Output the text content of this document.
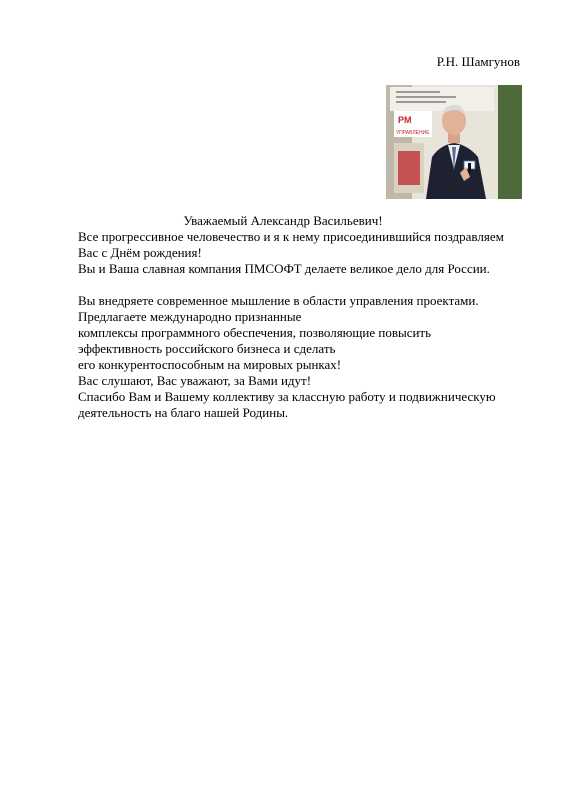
Р.Н. Шамгунов
PM
УПРАВЛЕНИЕ
Уважаемый Александр Васильевич!
Все прогрессивное человечество и я к нему присоединившийся поздравляем
Вас с Днём рождения!
Вы и Ваша славная компания ПМСОФТ делаете великое дело для России.
Вы внедряете современное мышление в области управления проектами.
Предлагаете международно признанные
комплексы программного обеспечения, позволяющие повысить
эффективность российского бизнеса и сделать
его конкурентоспособным на мировых рынках!
Вас слушают, Вас уважают, за Вами идут!
Спасибо Вам и Вашему коллективу за классную работу и подвижническую
деятельность на благо нашей Родины.
